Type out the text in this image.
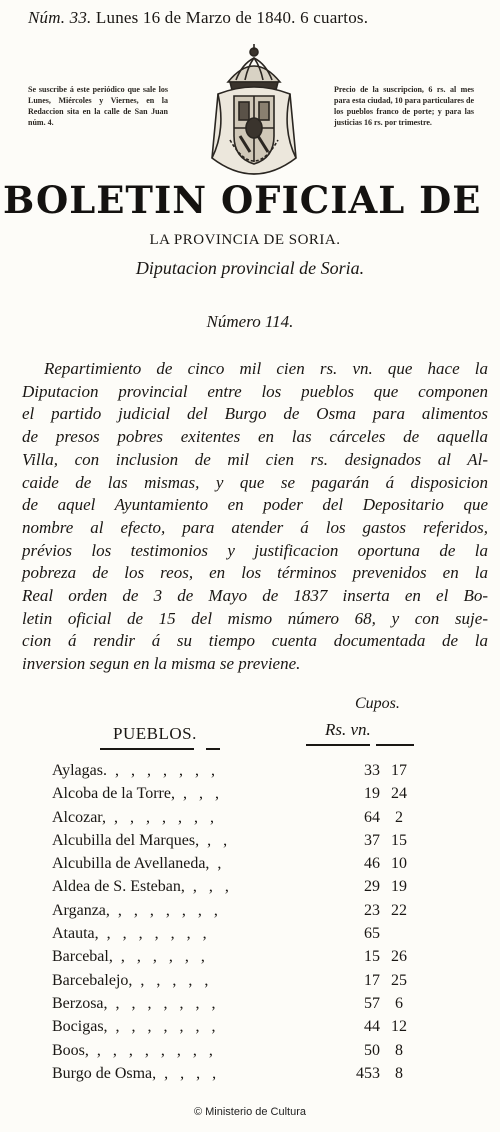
Núm. 33. Lunes 16 de Marzo de 1840. 6 cuartos.
Se suscribe á este periódico que sale los Lunes, Miércoles y Viernes, en la Redaccion sita en la calle de San Juan núm. 4.
Precio de la suscripcion, 6 rs. al mes para esta ciudad, 10 para particulares de los pueblos franco de porte; y para las justicias 16 rs. por trimestre.
BOLETIN OFICIAL DE
LA PROVINCIA DE SORIA.
Diputacion provincial de Soria.
Número 114.
Repartimiento de cinco mil cien rs. vn. que hace la
Diputacion provincial entre los pueblos que componen
el partido judicial del Burgo de Osma para alimentos
de presos pobres exitentes en las cárceles de aquella
Villa, con inclusion de mil cien rs. designados al Al-
caide de las mismas, y que se pagarán á disposicion
de aquel Ayuntamiento en poder del Depositario que
nombre al efecto, para atender á los gastos referidos,
prévios los testimonios y justificacion oportuna de la
pobreza de los reos, en los términos prevenidos en la
Real orden de 3 de Mayo de 1837 inserta en el Bo-
letin oficial de 15 del mismo número 68, y con suje-
cion á rendir á su tiempo cuenta documentada de la
inversion segun en la misma se previene.
Cupos.
PUEBLOS.	Rs. vn.
Aylagas. ,   ,   ,   ,   ,   ,   ,	33 17
Alcoba de la Torre, ,   ,   ,	19 24
Alcozar, ,   ,   ,   ,   ,   ,   ,	64 2
Alcubilla del Marques, ,   ,	37 15
Alcubilla de Avellaneda, ,	46 10
Aldea de S. Esteban, ,   ,   ,	29 19
Arganza, ,   ,   ,   ,   ,   ,   ,	23 22
Atauta, ,   ,   ,   ,   ,   ,   ,	65
Barcebal, ,   ,   ,   ,   ,   ,	15 26
Barcebalejo, ,   ,   ,   ,   ,	17 25
Berzosa, ,   ,   ,   ,   ,   ,   ,	57 6
Bocigas, ,   ,   ,   ,   ,   ,   ,	44 12
Boos, ,   ,   ,   ,   ,   ,   ,   ,	50 8
Burgo de Osma, ,   ,   ,   ,	453 8
© Ministerio de Cultura
